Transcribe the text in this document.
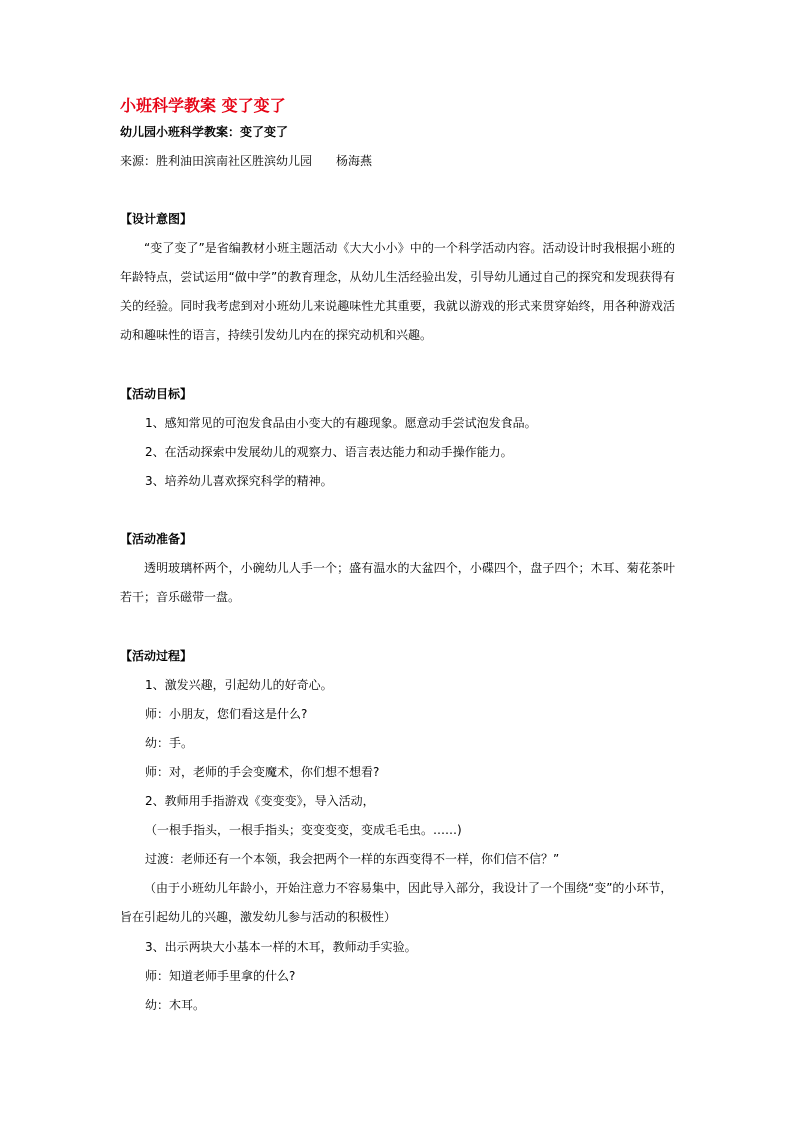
小班科学教案 变了变了
幼儿园小班科学教案：变了变了
来源：胜利油田滨南社区胜滨幼儿园　　杨海燕
【设计意图】
“变了变了”是省编教材小班主题活动《大大小小》中的一个科学活动内容。活动设计时我根据小班的年龄特点，尝试运用“做中学”的教育理念，从幼儿生活经验出发，引导幼儿通过自己的探究和发现获得有关的经验。同时我考虑到对小班幼儿来说趣味性尤其重要，我就以游戏的形式来贯穿始终，用各种游戏活动和趣味性的语言，持续引发幼儿内在的探究动机和兴趣。
【活动目标】
1、感知常见的可泡发食品由小变大的有趣现象。愿意动手尝试泡发食品。
2、在活动探索中发展幼儿的观察力、语言表达能力和动手操作能力。
3、培养幼儿喜欢探究科学的精神。
【活动准备】
透明玻璃杯两个，小碗幼儿人手一个；盛有温水的大盆四个，小碟四个，盘子四个；木耳、菊花茶叶若干；音乐磁带一盘。
【活动过程】
1、激发兴趣，引起幼儿的好奇心。
师：小朋友，您们看这是什么?
幼：手。
师：对，老师的手会变魔术，你们想不想看?
2、教师用手指游戏《变变变》，导入活动，
（一根手指头，一根手指头；变变变变，变成毛毛虫。……)
过渡：老师还有一个本领，我会把两个一样的东西变得不一样，你们信不信？”
（由于小班幼儿年龄小，开始注意力不容易集中，因此导入部分，我设计了一个围绕“变”的小环节，旨在引起幼儿的兴趣，激发幼儿参与活动的积极性）
3、出示两块大小基本一样的木耳，教师动手实验。
师：知道老师手里拿的什么?
幼：木耳。
